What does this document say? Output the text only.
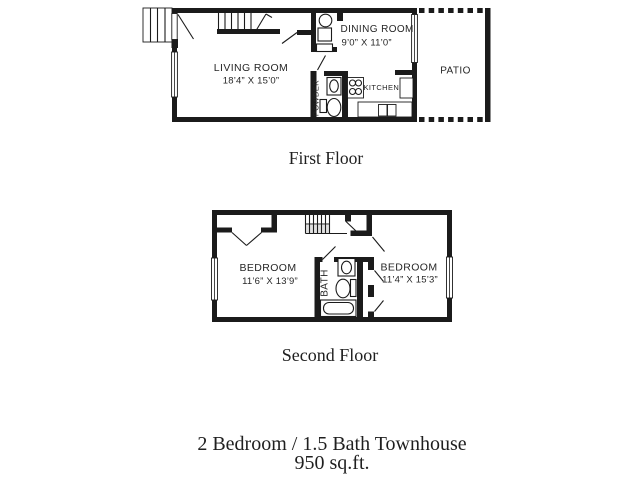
LIVING ROOM
18’4” X 15’0”
DINING ROOM
9’0” X 11’0”
KITCHEN
POWDER
PATIO
First Floor
BEDROOM
11’6” X 13’9”
BEDROOM
11’4” X 15’3”
BATH
Second Floor
2 Bedroom / 1.5 Bath Townhouse
950 sq.ft.
